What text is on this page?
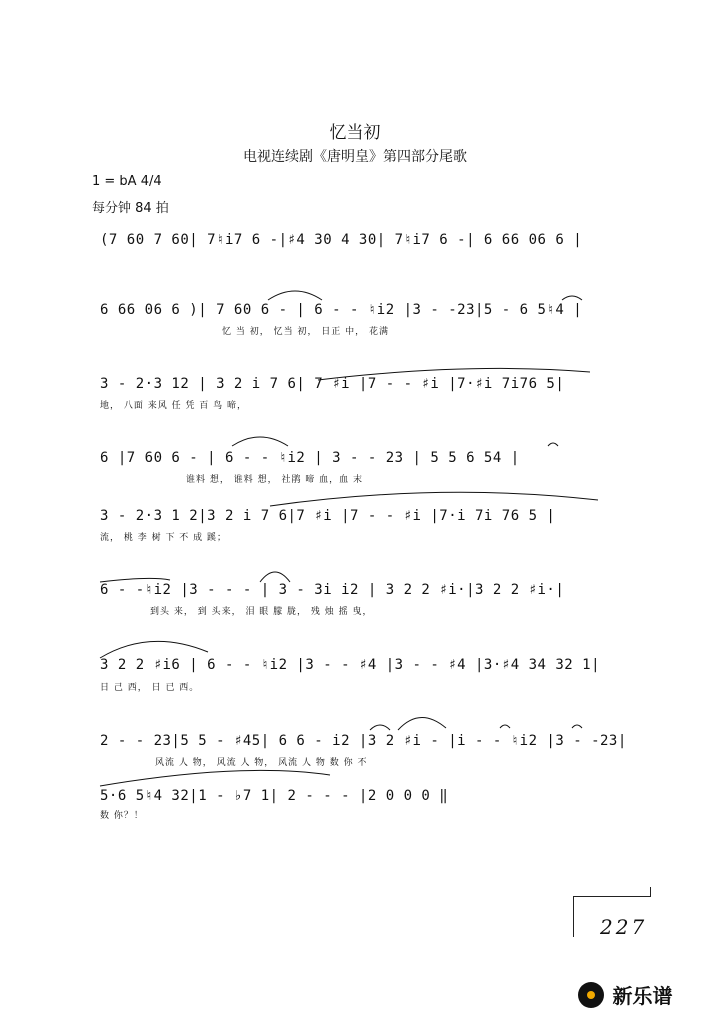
忆当初
电视连续剧《唐明皇》第四部分尾歌
1 = bA 4/4
每分钟 84 拍
(7 60 7 60| 7♮i7 6 -|♯4 30 4 30| 7♮i7 6 -| 6 66 06 6 |
6 66 06 6 )| 7 60 6 - | 6 - - ♮i2 |3 - -23|5 - 6 5♮4 |
忆 当 初， 忆当 初， 日正 中， 花满
3 - 2·3 12 | 3 2 i 7 6| 7 ♯i |7 - - ♯i |7·♯i 7i76 5|
地， 八面 来风 任 凭 百 鸟 啼，
6 |7 60 6 - | 6 - - ♮i2 | 3 - - 23 | 5 5 6 54 |
谁料 想， 谁料 想， 社鹃 啼 血，血 末
3 - 2·3 1 2|3 2 i 7 6|7 ♯i |7 - - ♯i |7·i 7i 76 5 |
流， 桃 李 树 下 不 成 蹊；
6 - -♮i2 |3 - - - | 3 - 3i i2 | 3 2 2 ♯i·|3 2 2 ♯i·|
到头 来， 到 头来， 泪 眼 朦 胧， 残 烛 摇 曳，
3 2 2 ♯i6 | 6 - - ♮i2 |3 - - ♯4 |3 - - ♯4 |3·♯4 34 32 1|
日 己 西， 日 已 西。
2 - - 23|5 5 - ♯45| 6 6 - i2 |3 2 ♯i - |i - - ♮i2 |3 - -23|
风流 人 物， 风流 人 物， 风流 人 物 数 你 不
5·6 5♮4 32|1 - ♭7 1| 2 - - - |2 0 0 0 ‖
数 你？！
227
新乐谱
